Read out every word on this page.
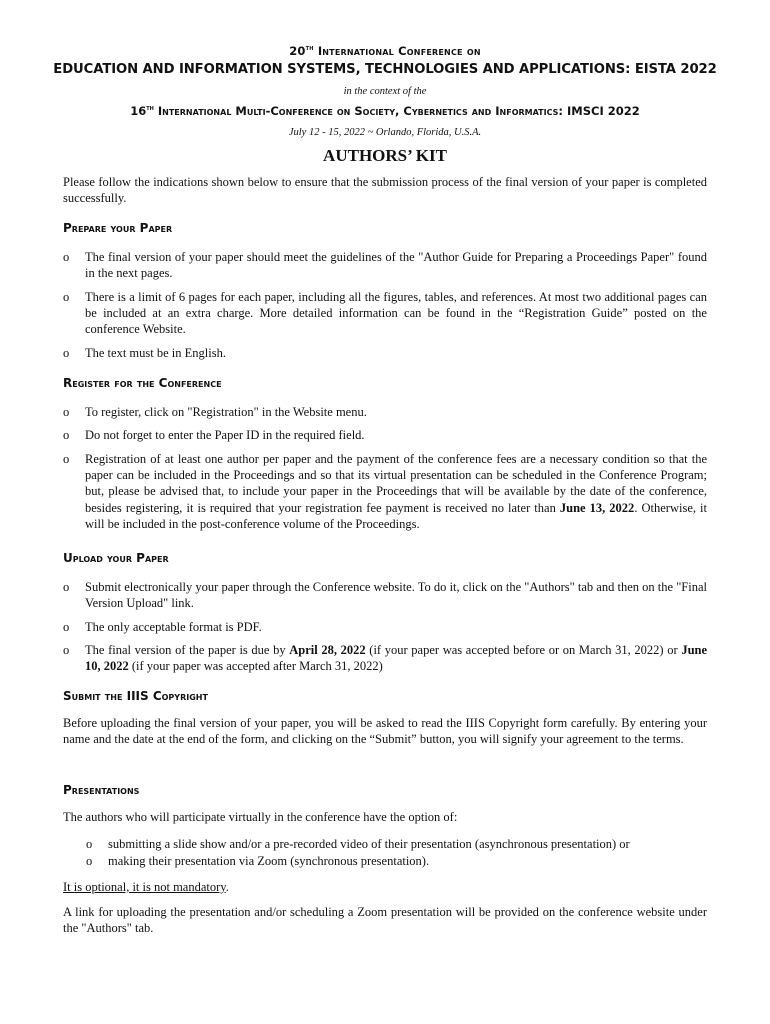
20th International Conference on
EDUCATION AND INFORMATION SYSTEMS, TECHNOLOGIES AND APPLICATIONS: EISTA 2022
in the context of the
16th International Multi-Conference on Society, Cybernetics and Informatics: IMSCI 2022
July 12 - 15, 2022 ~ Orlando, Florida, U.S.A.
AUTHORS’ KIT

Please follow the indications shown below to ensure that the submission process of the final version of your paper is completed successfully.

Prepare your Paper
o The final version of your paper should meet the guidelines of the "Author Guide for Preparing a Proceedings Paper" found in the next pages.
o There is a limit of 6 pages for each paper, including all the figures, tables, and references. At most two additional pages can be included at an extra charge. More detailed information can be found in the “Registration Guide” posted on the conference Website.
o The text must be in English.
Register for the Conference
o To register, click on "Registration" in the Website menu.
o Do not forget to enter the Paper ID in the required field.
o Registration of at least one author per paper and the payment of the conference fees are a necessary condition so that the paper can be included in the Proceedings and so that its virtual presentation can be scheduled in the Conference Program; but, please be advised that, to include your paper in the Proceedings that will be available by the date of the conference, besides registering, it is required that your registration fee payment is received no later than June 13, 2022. Otherwise, it will be included in the post-conference volume of the Proceedings.
Upload your Paper
o Submit electronically your paper through the Conference website. To do it, click on the "Authors" tab and then on the "Final Version Upload" link.
o The only acceptable format is PDF.
o The final version of the paper is due by April 28, 2022 (if your paper was accepted before or on March 31, 2022) or June 10, 2022 (if your paper was accepted after March 31, 2022)
Submit the IIIS Copyright

Before uploading the final version of your paper, you will be asked to read the IIIS Copyright form carefully. By entering your name and the date at the end of the form, and clicking on the “Submit” button, you will signify your agreement to the terms.

Presentations

The authors who will participate virtually in the conference have the option of:

o submitting a slide show and/or a pre-recorded video of their presentation (asynchronous presentation) or
o making their presentation via Zoom (synchronous presentation).

It is optional, it is not mandatory.

A link for uploading the presentation and/or scheduling a Zoom presentation will be provided on the conference website under the "Authors" tab.
